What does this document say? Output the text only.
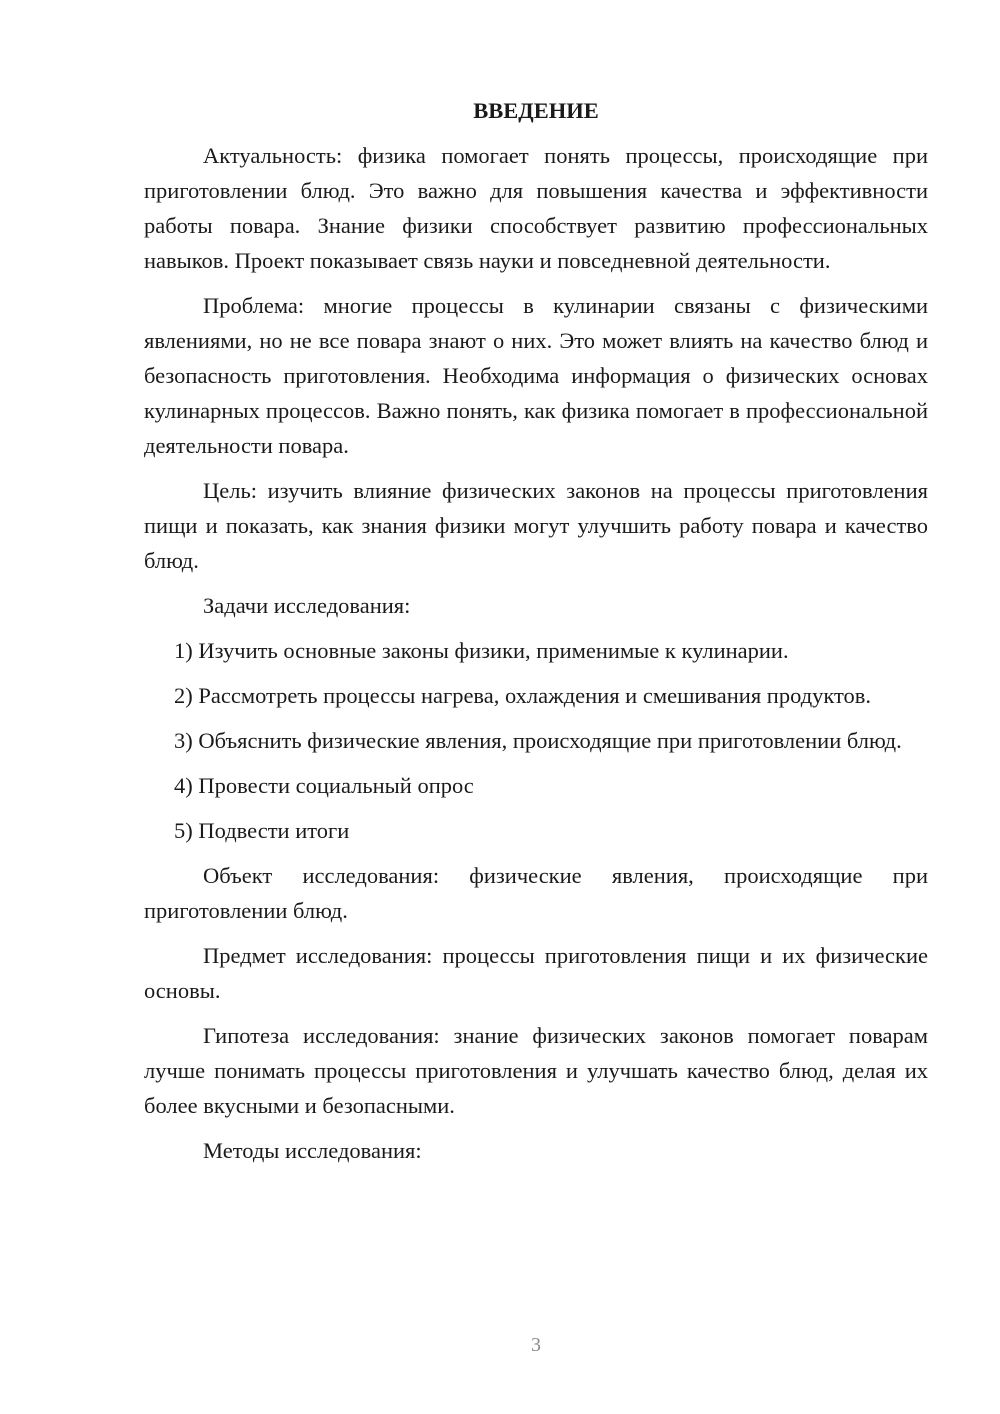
ВВЕДЕНИЕ

Актуальность: физика помогает понять процессы, происходящие при приготовлении блюд. Это важно для повышения качества и эффективности работы повара. Знание физики способствует развитию профессиональных навыков. Проект показывает связь науки и повседневной деятельности.

Проблема: многие процессы в кулинарии связаны с физическими явлениями, но не все повара знают о них. Это может влиять на качество блюд и безопасность приготовления. Необходима информация о физических основах кулинарных процессов. Важно понять, как физика помогает в профессиональной деятельности повара.

Цель: изучить влияние физических законов на процессы приготовления пищи и показать, как знания физики могут улучшить работу повара и качество блюд.

Задачи исследования:

1) Изучить основные законы физики, применимые к кулинарии.

2) Рассмотреть процессы нагрева, охлаждения и смешивания продуктов.

3) Объяснить физические явления, происходящие при приготовлении блюд.

4) Провести социальный опрос

5) Подвести итоги

Объект исследования: физические явления, происходящие при приготовлении блюд.

Предмет исследования: процессы приготовления пищи и их физические основы.

Гипотеза исследования: знание физических законов помогает поварам лучше понимать процессы приготовления и улучшать качество блюд, делая их более вкусными и безопасными.

Методы исследования:

3
